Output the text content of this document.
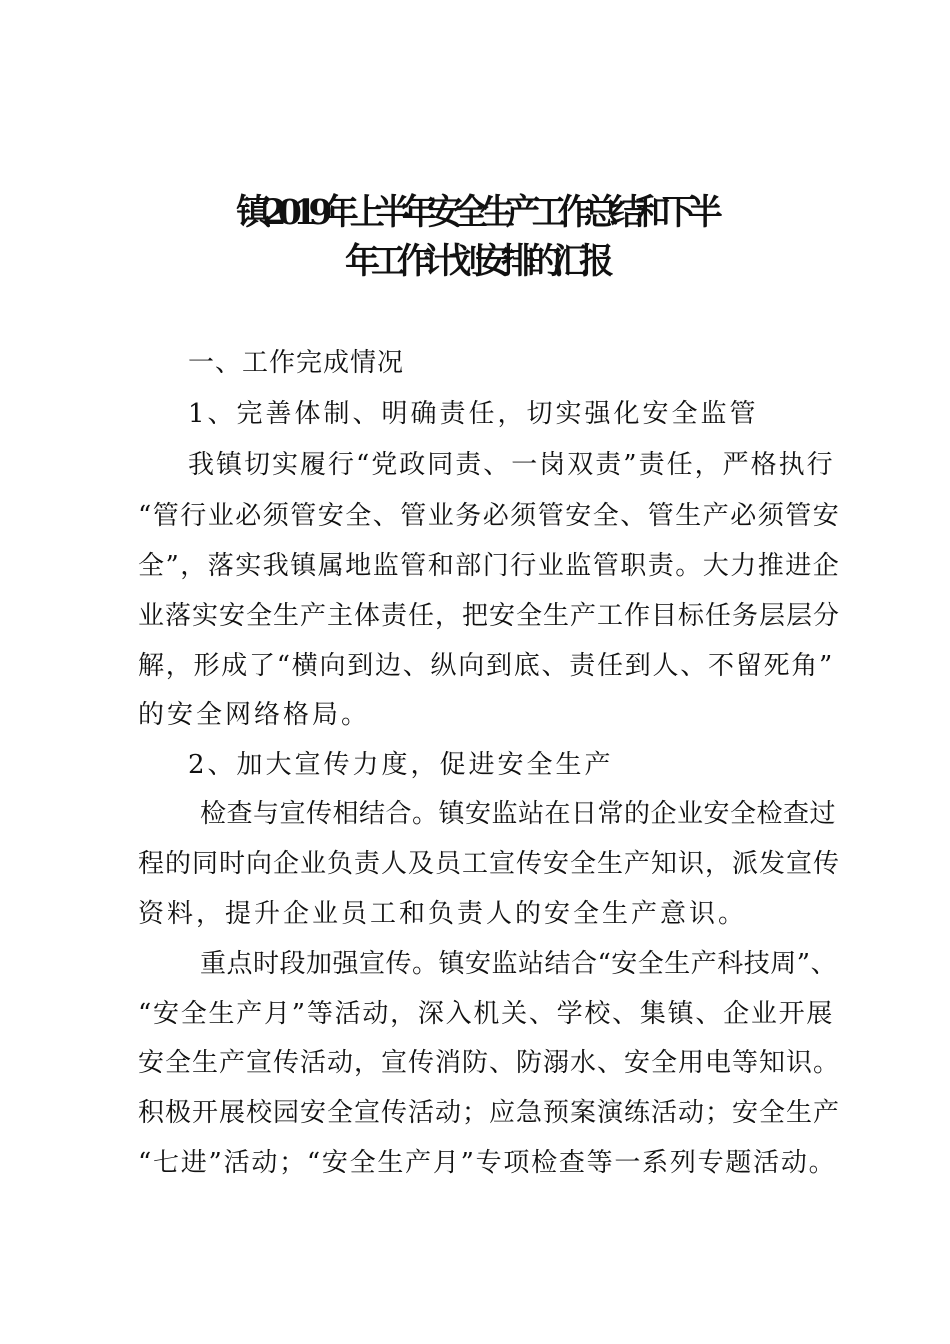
镇2019年上半年安全生产工作总结和下半
年工作计划安排的汇报
一、工作完成情况
1、完善体制、明确责任，切实强化安全监管
我镇切实履行“党政同责、一岗双责”责任，严格执行
“管行业必须管安全、管业务必须管安全、管生产必须管安
全”，落实我镇属地监管和部门行业监管职责。大力推进企
业落实安全生产主体责任，把安全生产工作目标任务层层分
解，形成了“横向到边、纵向到底、责任到人、不留死角”
的安全网络格局。
2、加大宣传力度，促进安全生产
检查与宣传相结合。镇安监站在日常的企业安全检查过
程的同时向企业负责人及员工宣传安全生产知识，派发宣传
资料，提升企业员工和负责人的安全生产意识。
重点时段加强宣传。镇安监站结合“安全生产科技周”、
“安全生产月”等活动，深入机关、学校、集镇、企业开展
安全生产宣传活动，宣传消防、防溺水、安全用电等知识。
积极开展校园安全宣传活动；应急预案演练活动；安全生产
“七进”活动；“安全生产月”专项检查等一系列专题活动。
